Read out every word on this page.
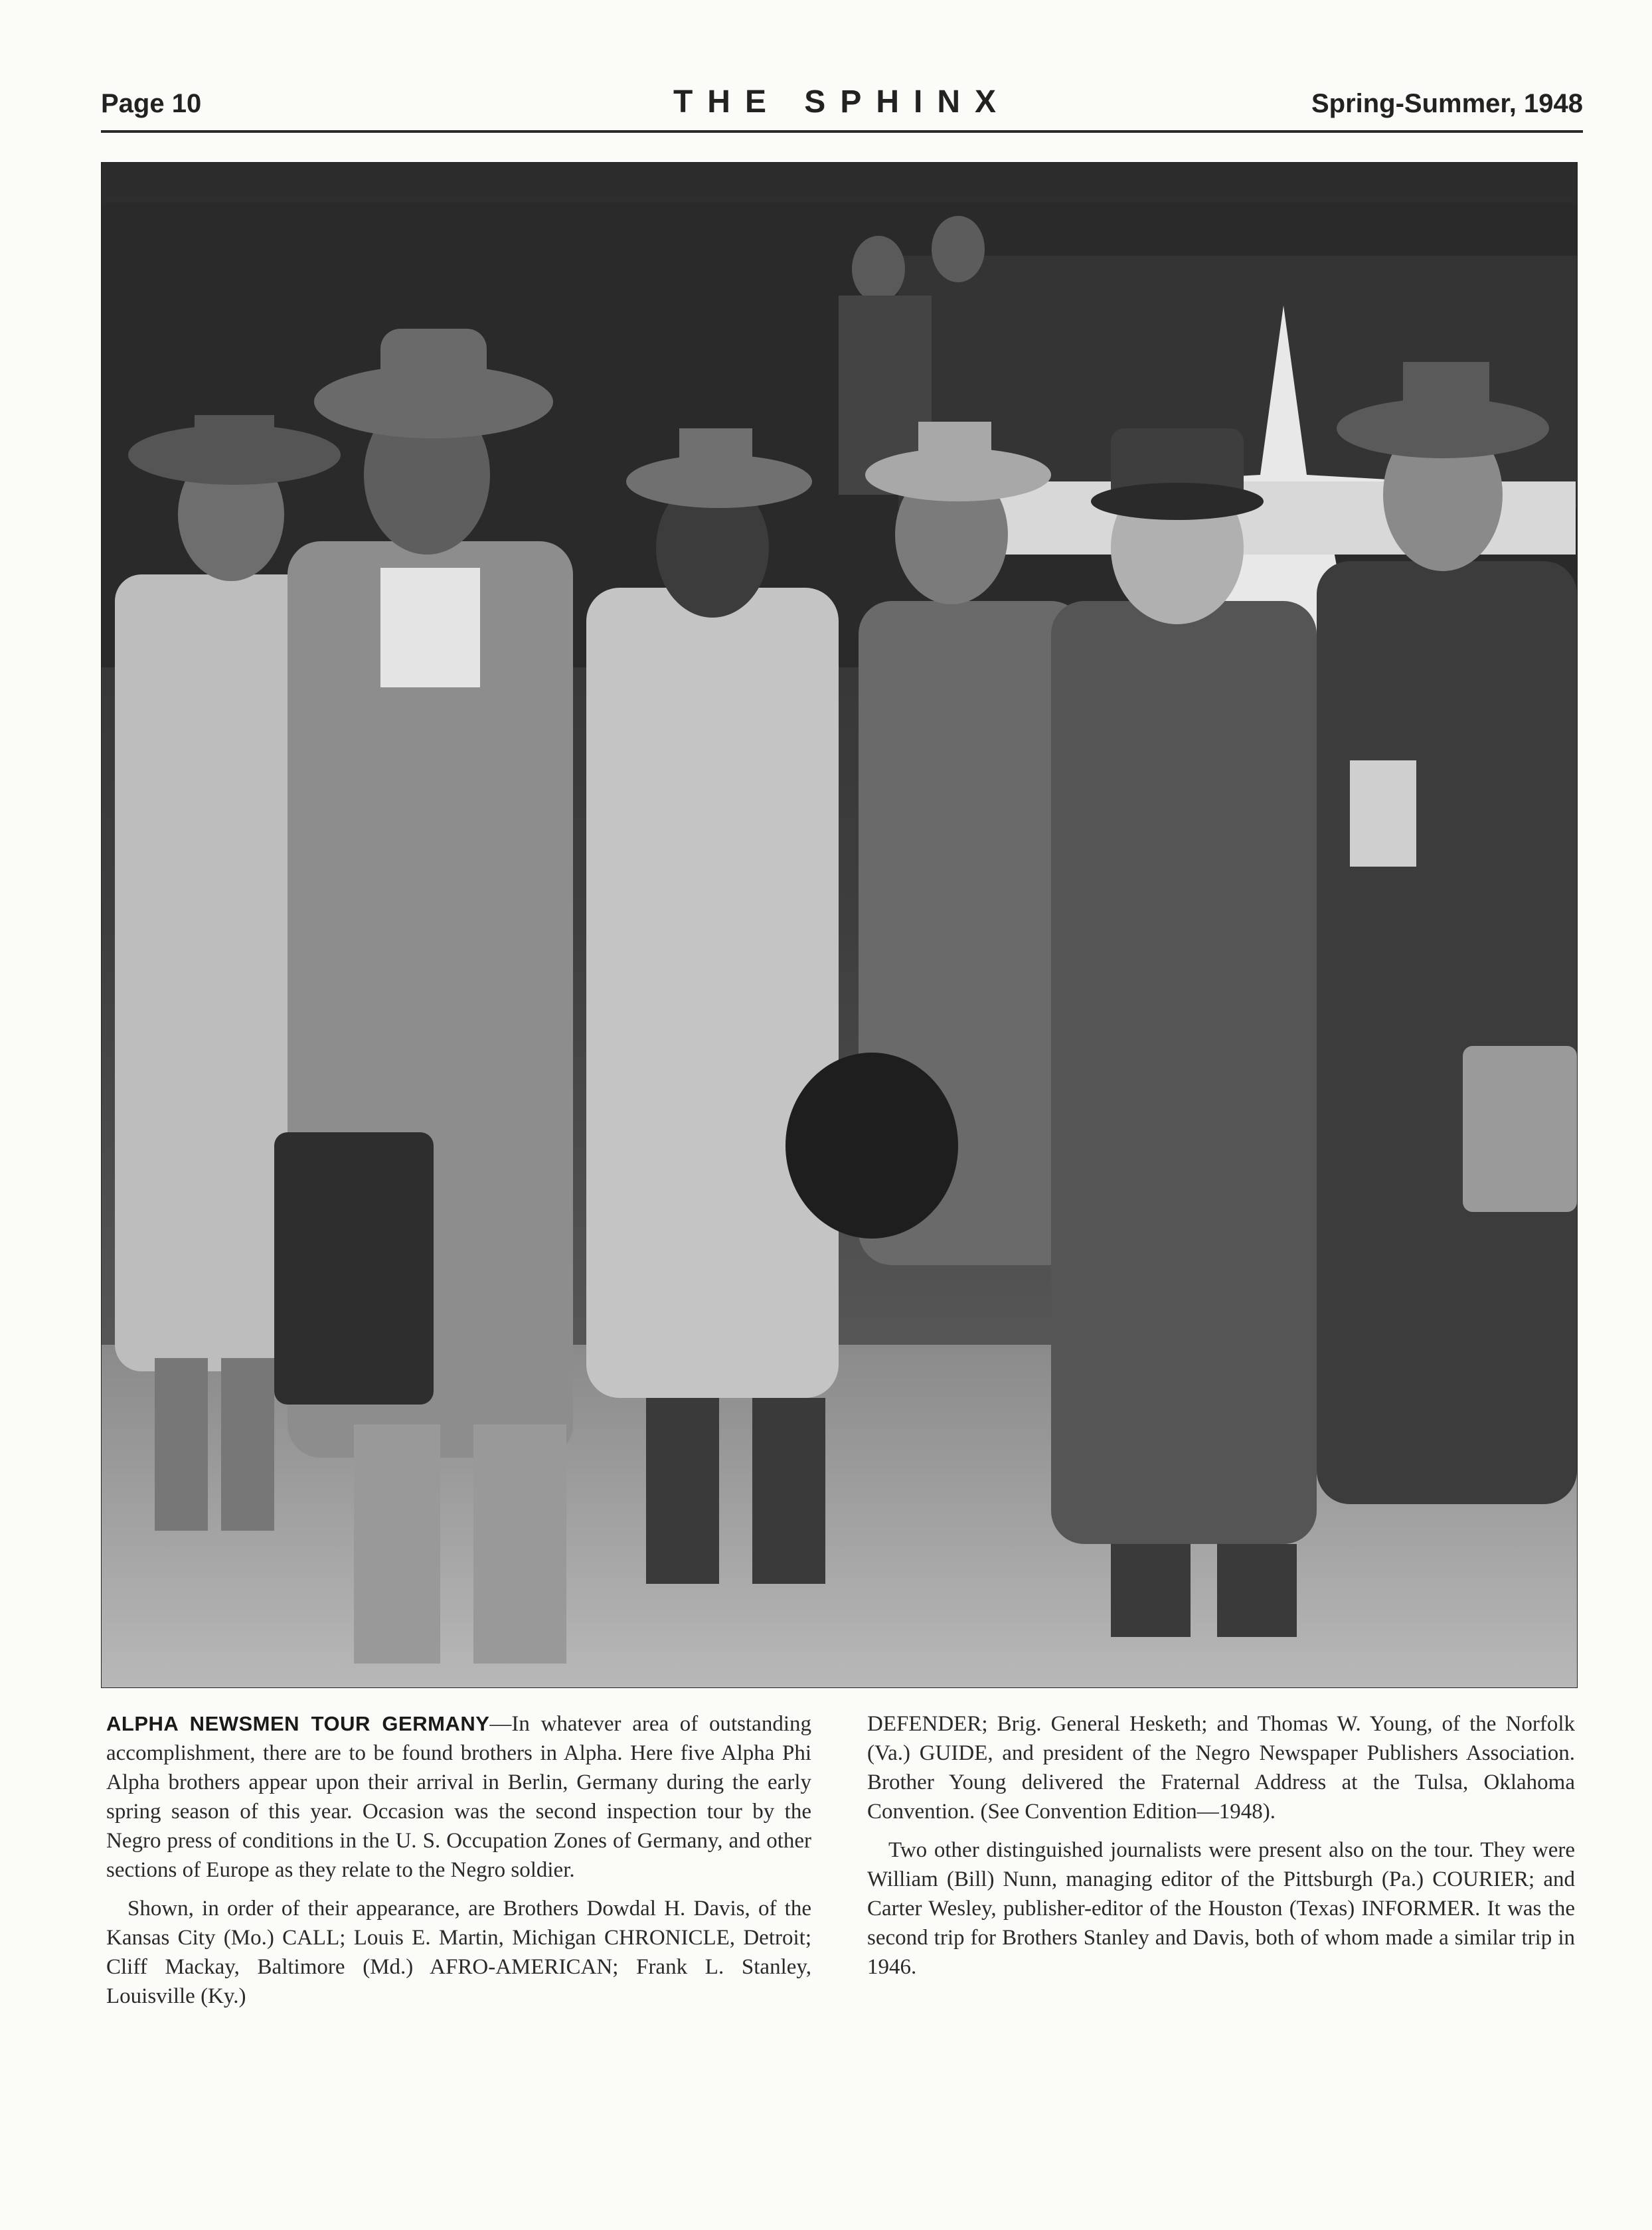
Page 10	THE SPHINX	Spring-Summer, 1948

ALPHA NEWSMEN TOUR GERMANY—In whatever area of outstanding accomplishment, there are to be found brothers in Alpha. Here five Alpha Phi Alpha brothers appear upon their arrival in Berlin, Germany during the early spring season of this year. Occasion was the second inspection tour by the Negro press of conditions in the U. S. Occupation Zones of Germany, and other sections of Europe as they relate to the Negro soldier.

Shown, in order of their appearance, are Brothers Dowdal H. Davis, of the Kansas City (Mo.) CALL; Louis E. Martin, Michigan CHRONICLE, Detroit; Cliff Mackay, Baltimore (Md.) AFRO-AMERICAN; Frank L. Stanley, Louisville (Ky.)

DEFENDER; Brig. General Hesketh; and Thomas W. Young, of the Norfolk (Va.) GUIDE, and president of the Negro Newspaper Publishers Association. Brother Young delivered the Fraternal Address at the Tulsa, Oklahoma Convention. (See Convention Edition—1948).

Two other distinguished journalists were present also on the tour. They were William (Bill) Nunn, managing editor of the Pittsburgh (Pa.) COURIER; and Carter Wesley, publisher-editor of the Houston (Texas) INFORMER. It was the second trip for Brothers Stanley and Davis, both of whom made a similar trip in 1946.
